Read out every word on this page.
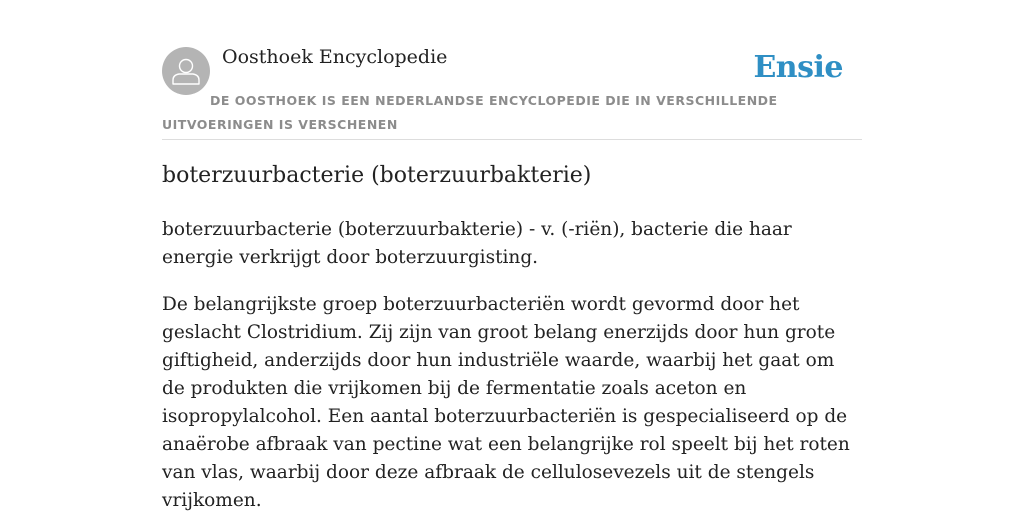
Oosthoek Encyclopedie	Ensie
DE OOSTHOEK IS EEN NEDERLANDSE ENCYCLOPEDIE DIE IN VERSCHILLENDE UITVOERINGEN IS VERSCHENEN
boterzuurbacterie (boterzuurbakterie)

boterzuurbacterie (boterzuurbakterie) - v. (-riën), bacterie die haar energie verkrijgt door boterzuurgisting.

De belangrijkste groep boterzuurbacteriën wordt gevormd door het geslacht Clostridium. Zij zijn van groot belang enerzijds door hun grote giftigheid, anderzijds door hun industriële waarde, waarbij het gaat om de produkten die vrijkomen bij de fermentatie zoals aceton en isopropylalcohol. Een aantal boterzuurbacteriën is gespecialiseerd op de anaërobe afbraak van pectine wat een belangrijke rol speelt bij het roten van vlas, waarbij door deze afbraak de cellulosevezels uit de stengels vrijkomen.
